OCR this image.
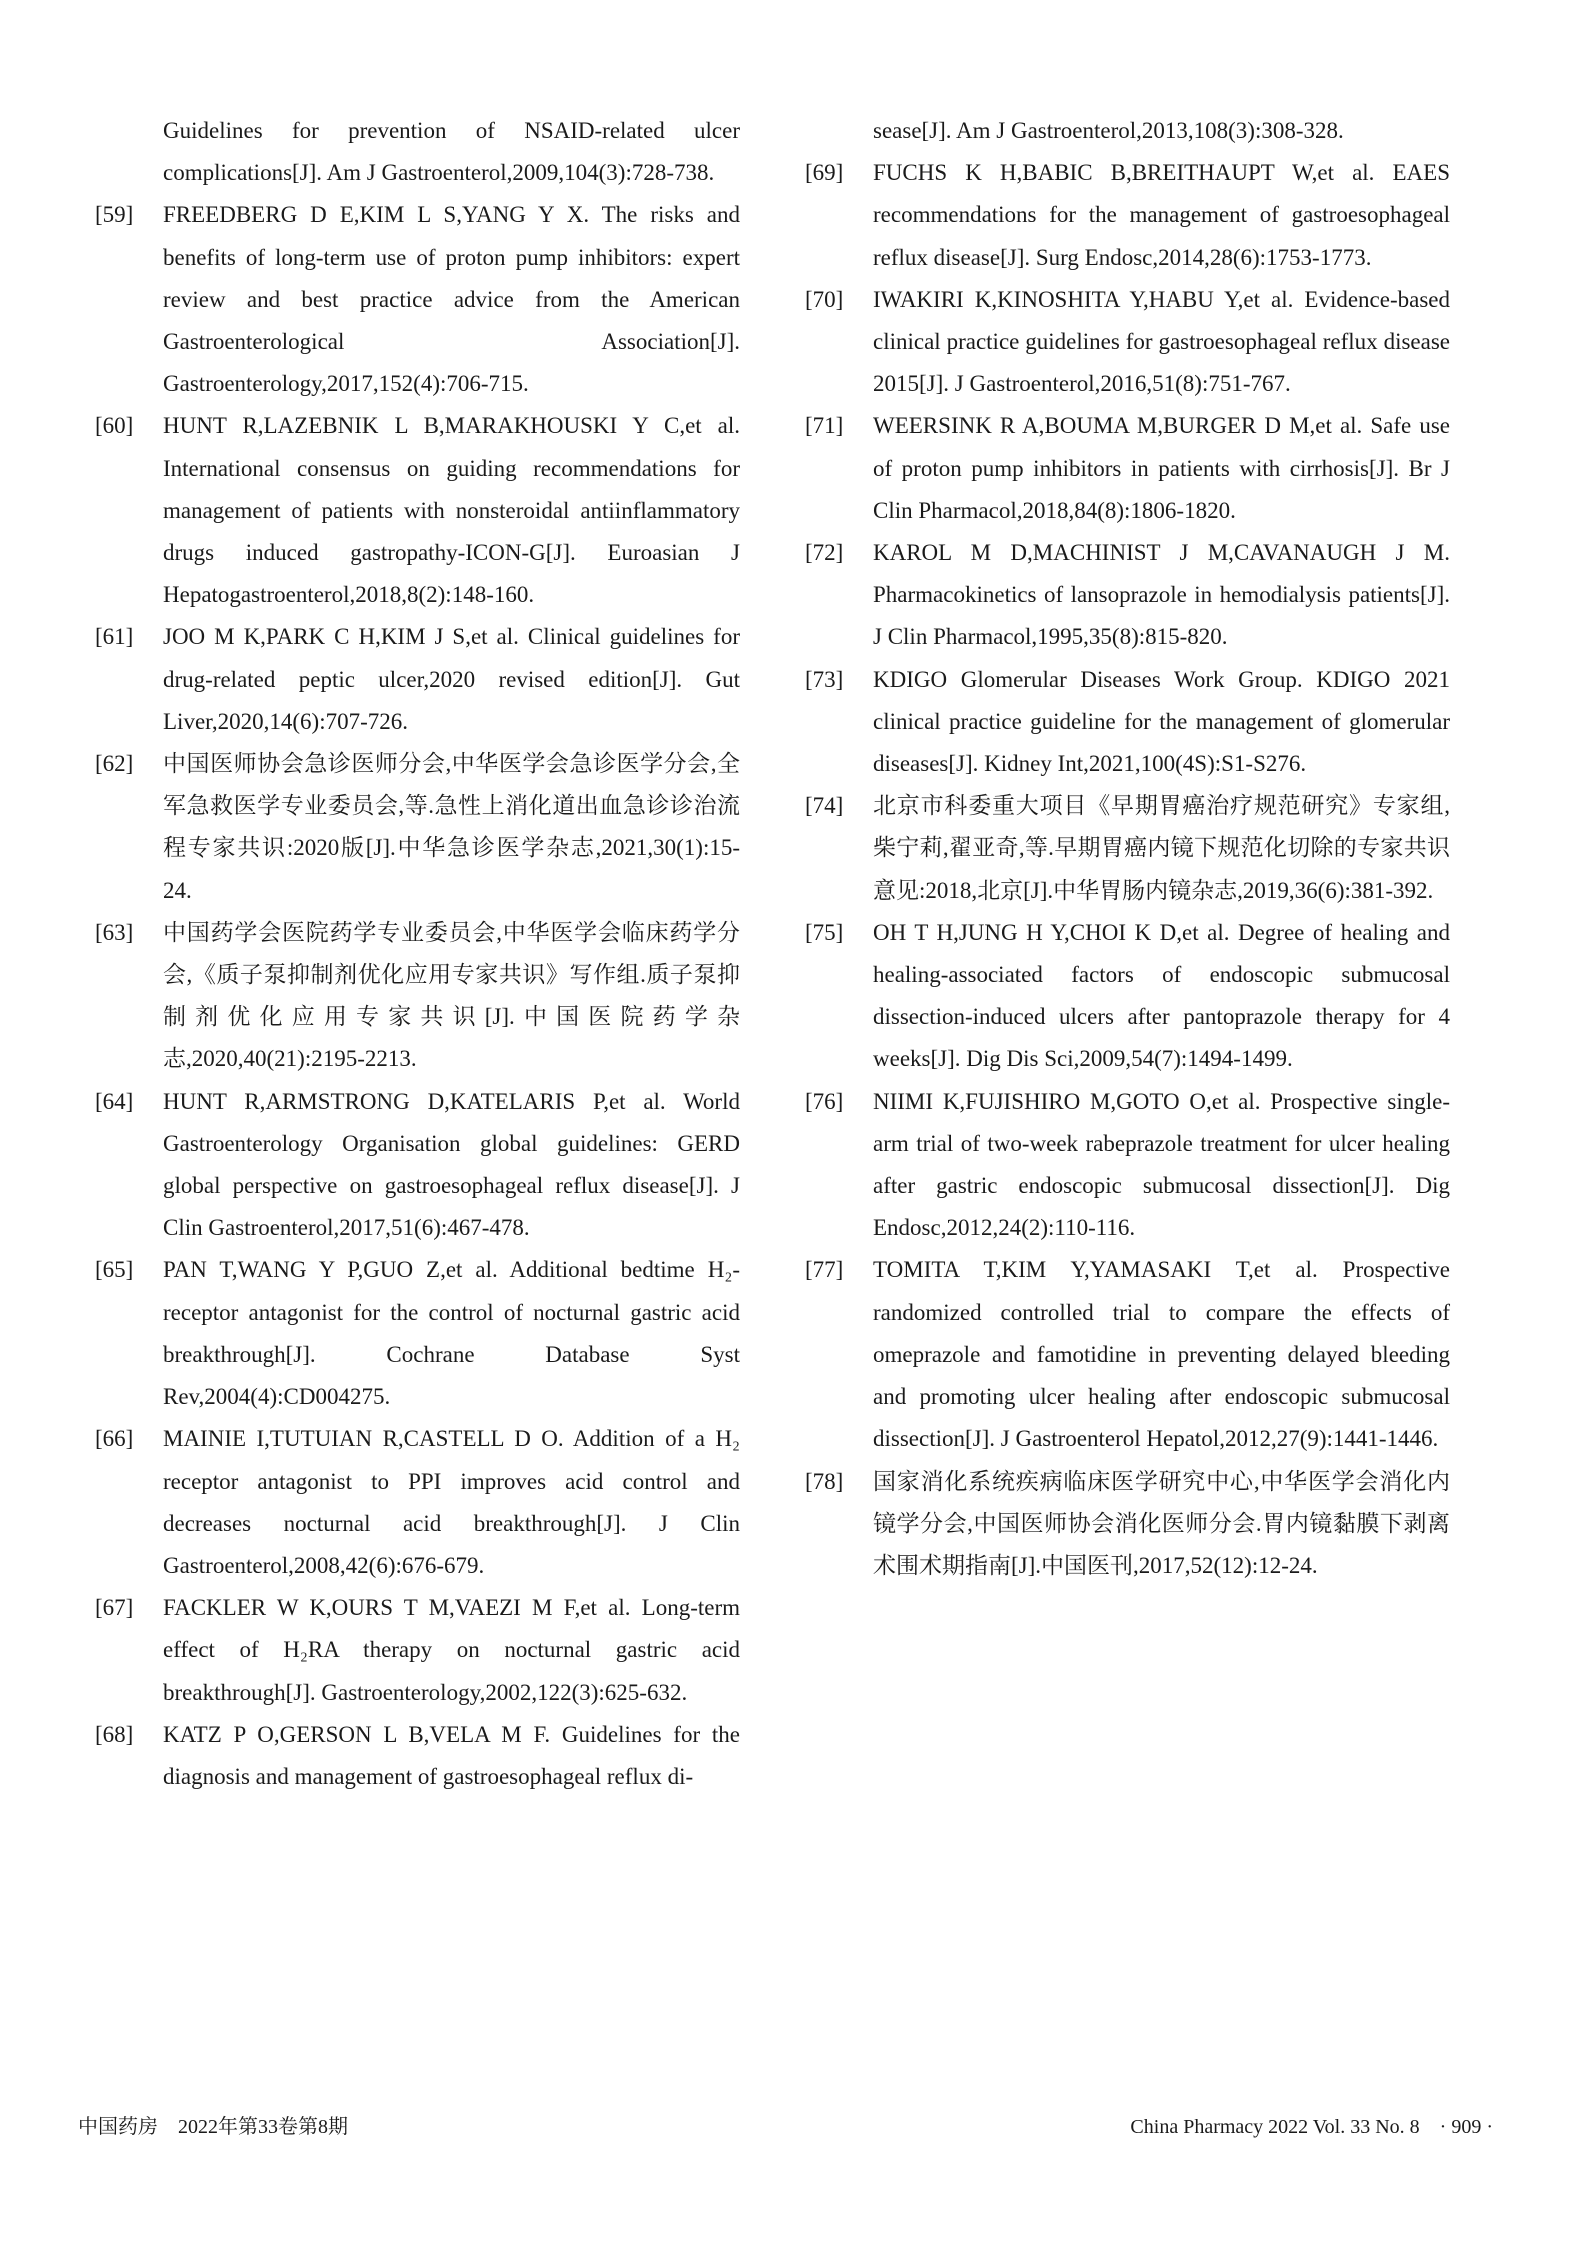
Guidelines for prevention of NSAID-related ulcer complications[J]. Am J Gastroenterol,2009,104(3):728-738.
[59] FREEDBERG D E,KIM L S,YANG Y X. The risks and benefits of long-term use of proton pump inhibitors: expert review and best practice advice from the American Gastroenterological Association[J]. Gastroenterology,2017,152(4):706-715.
[60] HUNT R,LAZEBNIK L B,MARAKHOUSKI Y C,et al. International consensus on guiding recommendations for management of patients with nonsteroidal antiinflammatory drugs induced gastropathy-ICON-G[J]. Euroasian J Hepatogastroenterol,2018,8(2):148-160.
[61] JOO M K,PARK C H,KIM J S,et al. Clinical guidelines for drug-related peptic ulcer,2020 revised edition[J]. Gut Liver,2020,14(6):707-726.
[62] 中国医师协会急诊医师分会,中华医学会急诊医学分会,全军急救医学专业委员会,等.急性上消化道出血急诊诊治流程专家共识:2020版[J].中华急诊医学杂志,2021,30(1):15-24.
[63] 中国药学会医院药学专业委员会,中华医学会临床药学分会,《质子泵抑制剂优化应用专家共识》写作组.质子泵抑制剂优化应用专家共识[J].中国医院药学杂志,2020,40(21):2195-2213.
[64] HUNT R,ARMSTRONG D,KATELARIS P,et al. World Gastroenterology Organisation global guidelines: GERD global perspective on gastroesophageal reflux disease[J]. J Clin Gastroenterol,2017,51(6):467-478.
[65] PAN T,WANG Y P,GUO Z,et al. Additional bedtime H₂-receptor antagonist for the control of nocturnal gastric acid breakthrough[J]. Cochrane Database Syst Rev,2004(4):CD004275.
[66] MAINIE I,TUTUIAN R,CASTELL D O. Addition of a H₂ receptor antagonist to PPI improves acid control and decreases nocturnal acid breakthrough[J]. J Clin Gastroenterol,2008,42(6):676-679.
[67] FACKLER W K,OURS T M,VAEZI M F,et al. Long-term effect of H₂RA therapy on nocturnal gastric acid breakthrough[J]. Gastroenterology,2002,122(3):625-632.
[68] KATZ P O,GERSON L B,VELA M F. Guidelines for the diagnosis and management of gastroesophageal reflux di-
sease[J]. Am J Gastroenterol,2013,108(3):308-328.
[69] FUCHS K H,BABIC B,BREITHAUPT W,et al. EAES recommendations for the management of gastroesophageal reflux disease[J]. Surg Endosc,2014,28(6):1753-1773.
[70] IWAKIRI K,KINOSHITA Y,HABU Y,et al. Evidence-based clinical practice guidelines for gastroesophageal reflux disease 2015[J]. J Gastroenterol,2016,51(8):751-767.
[71] WEERSINK R A,BOUMA M,BURGER D M,et al. Safe use of proton pump inhibitors in patients with cirrhosis[J]. Br J Clin Pharmacol,2018,84(8):1806-1820.
[72] KAROL M D,MACHINIST J M,CAVANAUGH J M. Pharmacokinetics of lansoprazole in hemodialysis patients[J]. J Clin Pharmacol,1995,35(8):815-820.
[73] KDIGO Glomerular Diseases Work Group. KDIGO 2021 clinical practice guideline for the management of glomerular diseases[J]. Kidney Int,2021,100(4S):S1-S276.
[74] 北京市科委重大项目《早期胃癌治疗规范研究》专家组,柴宁莉,翟亚奇,等.早期胃癌内镜下规范化切除的专家共识意见:2018,北京[J].中华胃肠内镜杂志,2019,36(6):381-392.
[75] OH T H,JUNG H Y,CHOI K D,et al. Degree of healing and healing-associated factors of endoscopic submucosal dissection-induced ulcers after pantoprazole therapy for 4 weeks[J]. Dig Dis Sci,2009,54(7):1494-1499.
[76] NIIMI K,FUJISHIRO M,GOTO O,et al. Prospective single-arm trial of two-week rabeprazole treatment for ulcer healing after gastric endoscopic submucosal dissection[J]. Dig Endosc,2012,24(2):110-116.
[77] TOMITA T,KIM Y,YAMASAKI T,et al. Prospective randomized controlled trial to compare the effects of omeprazole and famotidine in preventing delayed bleeding and promoting ulcer healing after endoscopic submucosal dissection[J]. J Gastroenterol Hepatol,2012,27(9):1441-1446.
[78] 国家消化系统疾病临床医学研究中心,中华医学会消化内镜学分会,中国医师协会消化医师分会.胃内镜黏膜下剥离术围术期指南[J].中国医刊,2017,52(12):12-24.
中国药房　2022年第33卷第8期	China Pharmacy 2022 Vol. 33 No. 8　· 909 ·
